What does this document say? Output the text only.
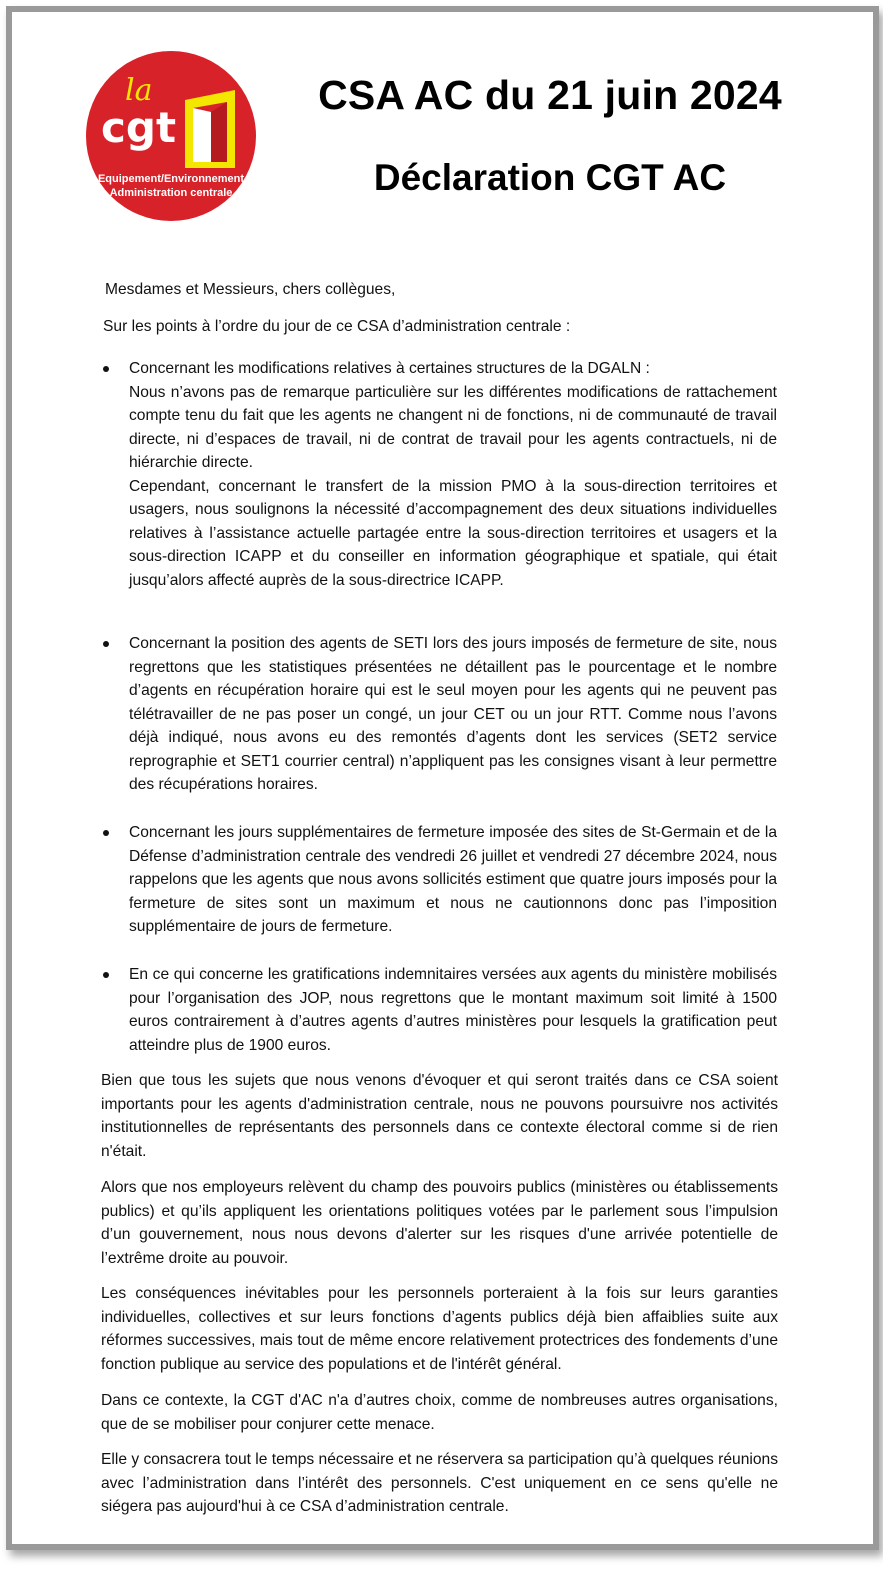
la
cgt
Equipement/Environnement
Administration centrale
CSA AC du 21 juin 2024
Déclaration CGT AC
Mesdames et Messieurs, chers collègues,
Sur les points à l’ordre du jour de ce CSA d’administration centrale :

Concernant les modifications relatives à certaines structures de la DGALN :

Nous n’avons pas de remarque particulière sur les différentes modifications de rattachement compte tenu du fait que les agents ne changent ni de fonctions, ni de communauté de travail directe, ni d’espaces de travail, ni de contrat de travail pour les agents contractuels, ni de hiérarchie directe.

Cependant, concernant le transfert de la mission PMO à la sous-direction territoires et usagers, nous soulignons la nécessité d’accompagnement des deux situations individuelles relatives à l’assistance actuelle partagée entre la sous-direction territoires et usagers et la sous-direction ICAPP et du conseiller en information géographique et spatiale, qui était jusqu’alors affecté auprès de la sous-directrice ICAPP.

Concernant la position des agents de SETI lors des jours imposés de fermeture de site, nous regrettons que les statistiques présentées ne détaillent pas le pourcentage et le nombre d’agents en récupération horaire qui est le seul moyen pour les agents qui ne peuvent pas télétravailler de ne pas poser un congé, un jour CET ou un jour RTT. Comme nous l’avons déjà indiqué, nous avons eu des remontés d’agents dont les services (SET2 service reprographie et SET1 courrier central) n’appliquent pas les consignes visant à leur permettre des récupérations horaires.
Concernant les jours supplémentaires de fermeture imposée des sites de St-Germain et de la Défense d’administration centrale des vendredi 26 juillet et vendredi 27 décembre 2024, nous rappelons que les agents que nous avons sollicités estiment que quatre jours imposés pour la fermeture de sites sont un maximum et nous ne cautionnons donc pas l’imposition supplémentaire de jours de fermeture.
En ce qui concerne les gratifications indemnitaires versées aux agents du ministère mobilisés pour l’organisation des JOP, nous regrettons que le montant maximum soit limité à 1500 euros contrairement à d’autres agents d’autres ministères pour lesquels la gratification peut atteindre plus de 1900 euros.
Bien que tous les sujets que nous venons d'évoquer et qui seront traités dans ce CSA soient importants pour les agents d'administration centrale, nous ne pouvons poursuivre nos activités institutionnelles de représentants des personnels dans ce contexte électoral comme si de rien n'était.
Alors que nos employeurs relèvent du champ des pouvoirs publics (ministères ou établissements publics) et qu’ils appliquent les orientations politiques votées par le parlement sous l’impulsion d’un gouvernement, nous nous devons d'alerter sur les risques d'une arrivée potentielle de l’extrême droite au pouvoir.
Les conséquences inévitables pour les personnels porteraient à la fois sur leurs garanties individuelles, collectives et sur leurs fonctions d’agents publics déjà bien affaiblies suite aux réformes successives, mais tout de même encore relativement protectrices des fondements d’une fonction publique au service des populations et de l'intérêt général.
Dans ce contexte, la CGT d'AC n'a d’autres choix, comme de nombreuses autres organisations, que de se mobiliser pour conjurer cette menace.
Elle y consacrera tout le temps nécessaire et ne réservera sa participation qu’à quelques réunions avec l’administration dans l’intérêt des personnels. C'est uniquement en ce sens qu'elle ne siégera pas aujourd'hui à ce CSA d’administration centrale.
